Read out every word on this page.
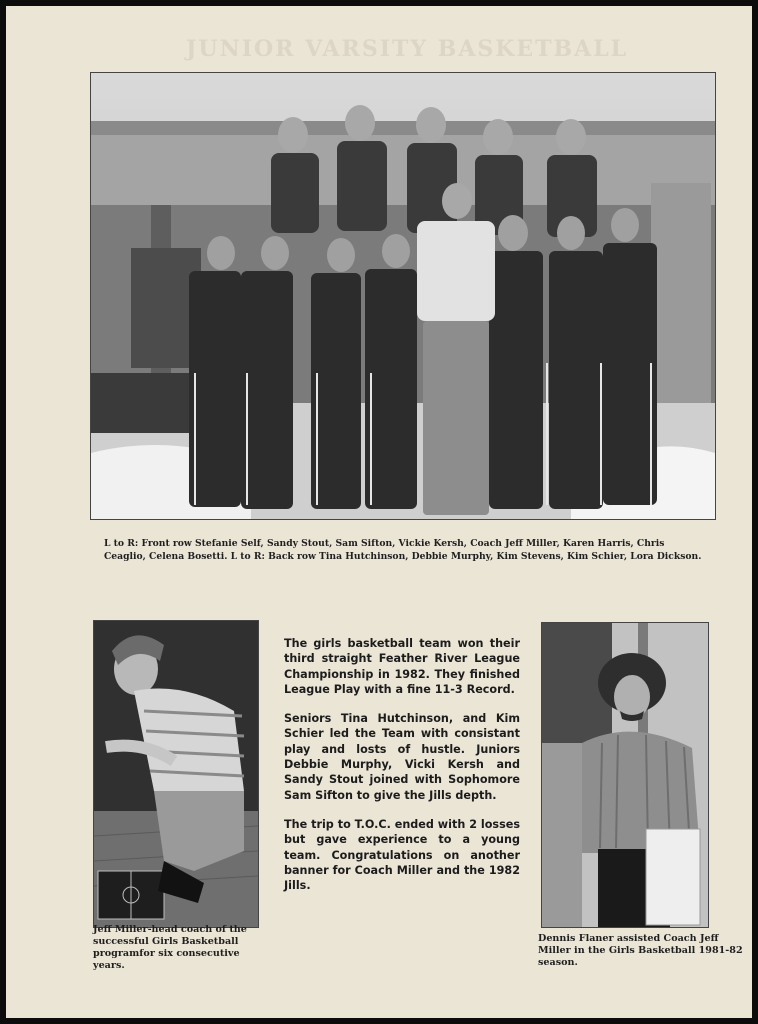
JUNIOR VARSITY BASKETBALL
L to R: Front row Stefanie Self, Sandy Stout, Sam Sifton, Vickie Kersh, Coach Jeff Miller, Karen Harris, Chris Ceaglio, Celena Bosetti. L to R: Back row Tina Hutchinson, Debbie Murphy, Kim Stevens, Kim Schier, Lora Dickson.
Jeff Miller-head coach of the successful Girls Basketball programfor six consecutive years.

The girls basketball team won their third straight Feather River League Championship in 1982. They finished League Play with a fine 11-3 Record.

Seniors Tina Hutchinson, and Kim Schier led the Team with consistant play and losts of hustle. Juniors Debbie Murphy, Vicki Kersh and Sandy Stout joined with Sophomore Sam Sifton to give the Jills depth.

The trip to T.O.C. ended with 2 losses but gave experience to a young team. Congratulations on another banner for Coach Miller and the 1982 Jills.

Dennis Flaner assisted Coach Jeff Miller in the Girls Basketball 1981-82 season.
